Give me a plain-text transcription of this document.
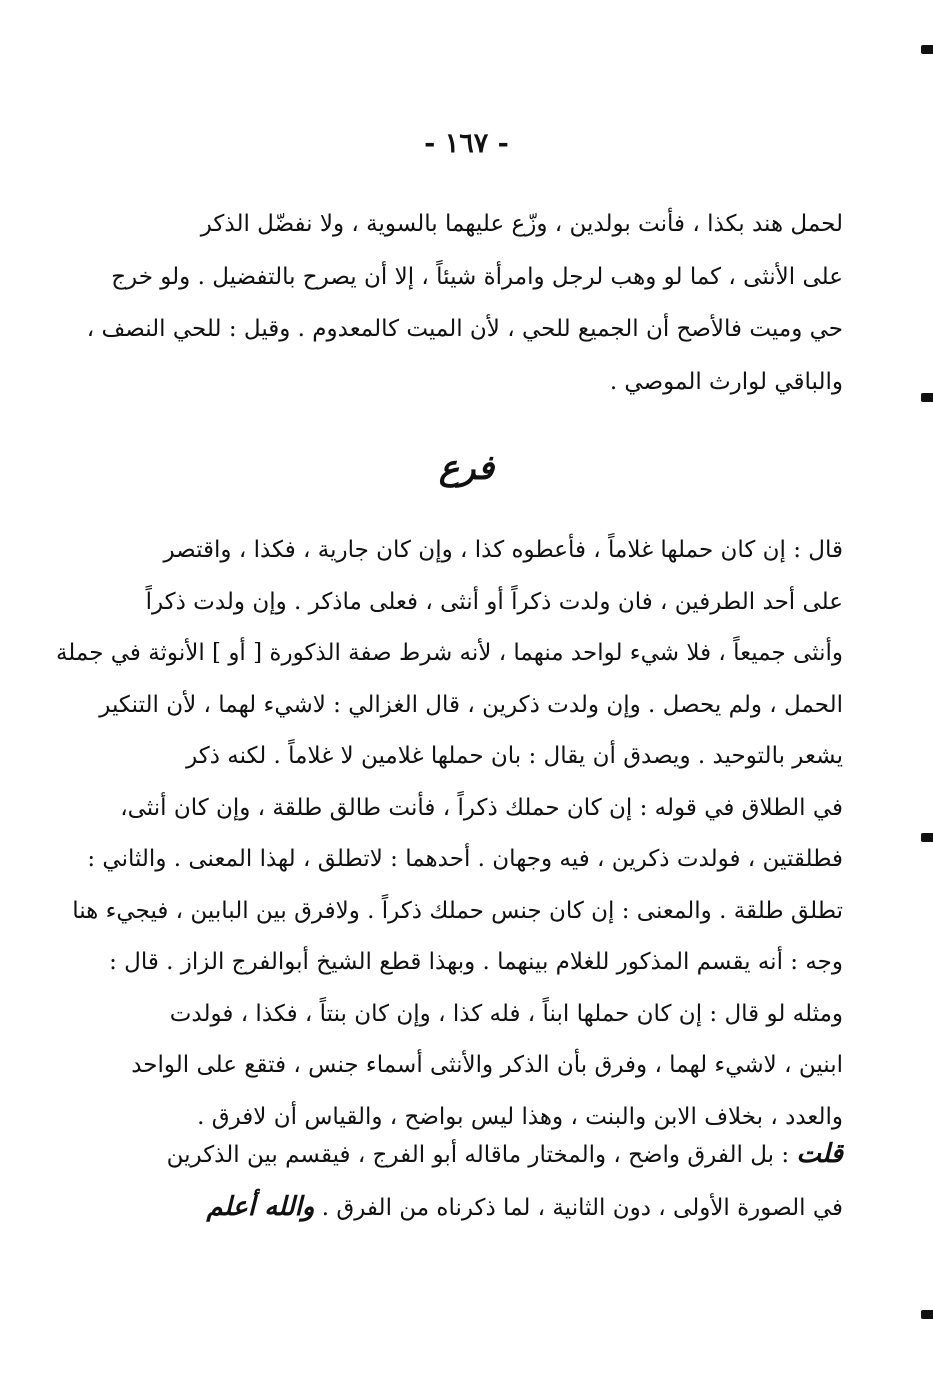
- ١٦٧ -
لحمل هند بكذا ، فأنت بولدين ، وزّع عليهما بالسوية ، ولا نفضّل الذكر
على الأنثى ، كما لو وهب لرجل وامرأة شيئاً ، إلا أن يصرح بالتفضيل . ولو خرج
حي وميت فالأصح أن الجميع للحي ، لأن الميت كالمعدوم . وقيل : للحي النصف ،
والباقي لوارث الموصي .
فرع
قال : إن كان حملها غلاماً ، فأعطوه كذا ، وإن كان جارية ، فكذا ، واقتصر
على أحد الطرفين ، فان ولدت ذكراً أو أنثى ، فعلى ماذكر . وإن ولدت ذكراً
وأنثى جميعاً ، فلا شيء لواحد منهما ، لأنه شرط صفة الذكورة [ أو ] الأنوثة في جملة
الحمل ، ولم يحصل . وإن ولدت ذكرين ، قال الغزالي : لاشيء لهما ، لأن التنكير
يشعر بالتوحيد . ويصدق أن يقال : بان حملها غلامين لا غلاماً . لكنه ذكر
في الطلاق في قوله : إن كان حملك ذكراً ، فأنت طالق طلقة ، وإن كان أنثى،
فطلقتين ، فولدت ذكرين ، فيه وجهان . أحدهما : لاتطلق ، لهذا المعنى . والثاني :
تطلق طلقة . والمعنى : إن كان جنس حملك ذكراً . ولافرق بين البابين ، فيجيء هنا
وجه : أنه يقسم المذكور للغلام بينهما . وبهذا قطع الشيخ أبوالفرج الزاز . قال :
ومثله لو قال : إن كان حملها ابناً ، فله كذا ، وإن كان بنتاً ، فكذا ، فولدت
ابنين ، لاشيء لهما ، وفرق بأن الذكر والأنثى أسماء جنس ، فتقع على الواحد
والعدد ، بخلاف الابن والبنت ، وهذا ليس بواضح ، والقياس أن لافرق .
قلت : بل الفرق واضح ، والمختار ماقاله أبو الفرج ، فيقسم بين الذكرين
في الصورة الأولى ، دون الثانية ، لما ذكرناه من الفرق . والله أعلم
